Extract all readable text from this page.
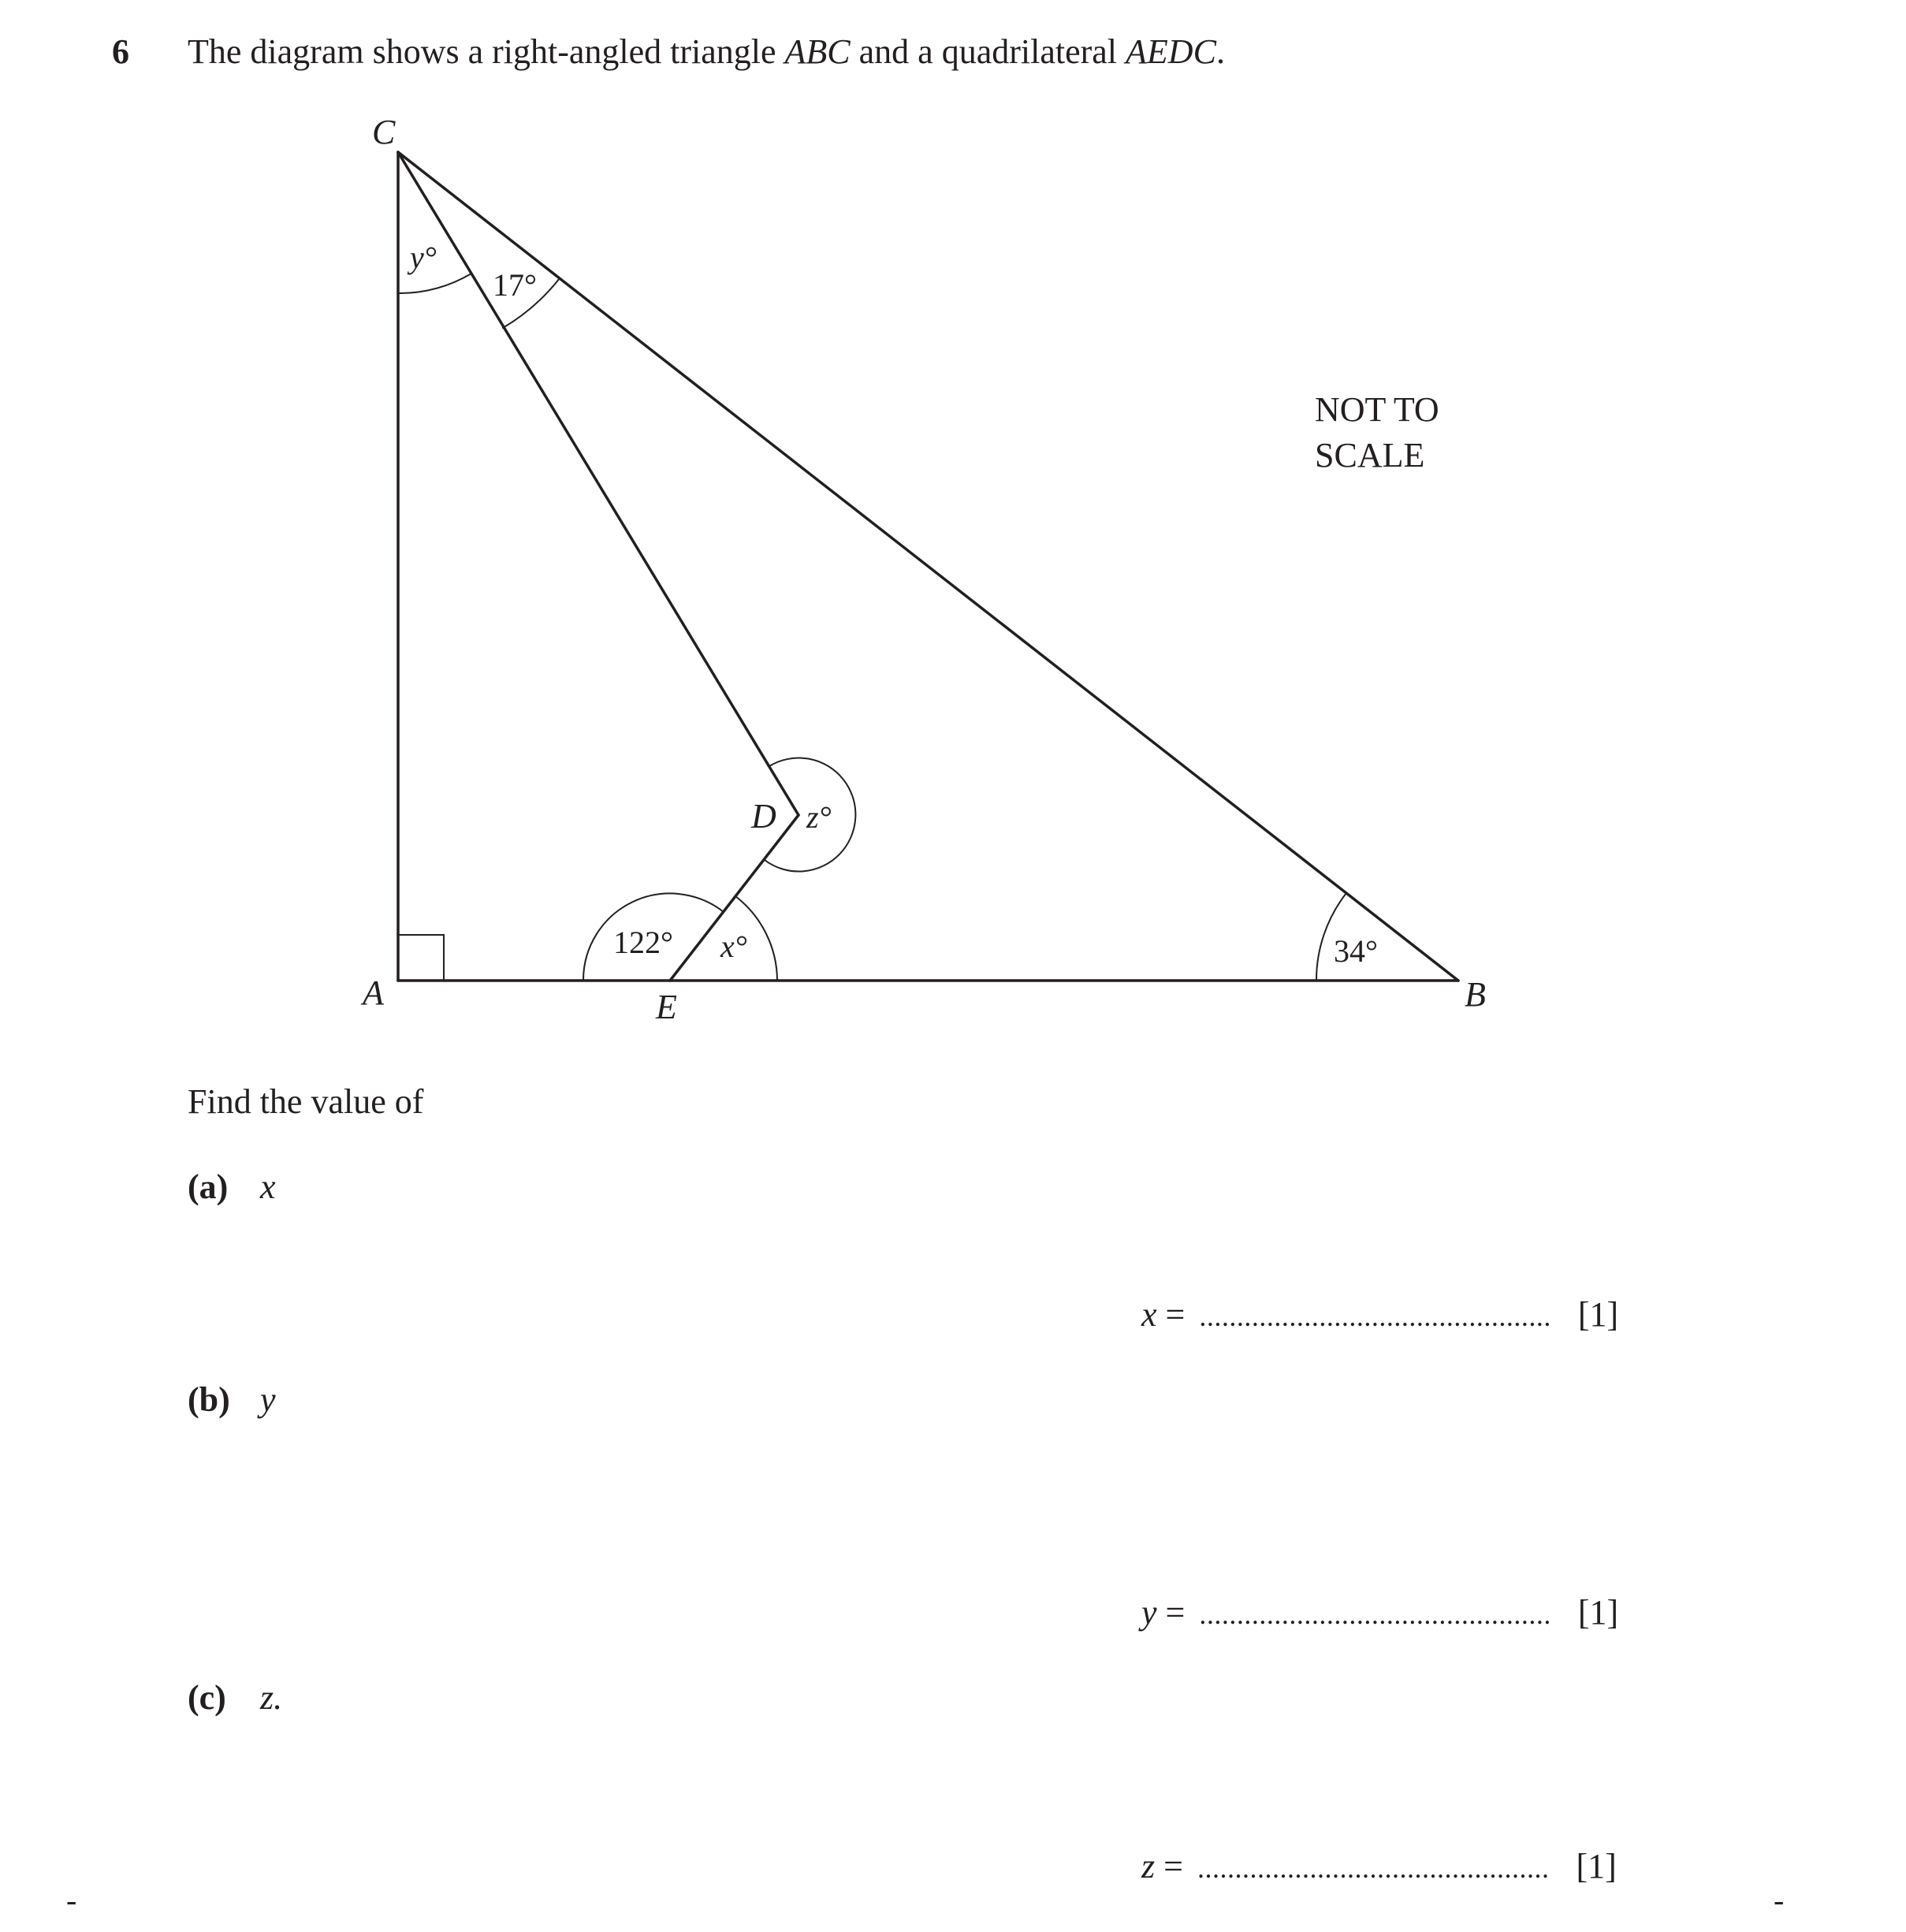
6 The diagram shows a right-angled triangle ABC and a quadrilateral AEDC.
C
A	B
E
D
y°
17°
z°
122° x°	34°
NOT TO
SCALE
Find the value of
(a) x
(b) y
(c) z.
x = ............................................... [1]
y = ............................................... [1]
z = ............................................... [1]
-	-
